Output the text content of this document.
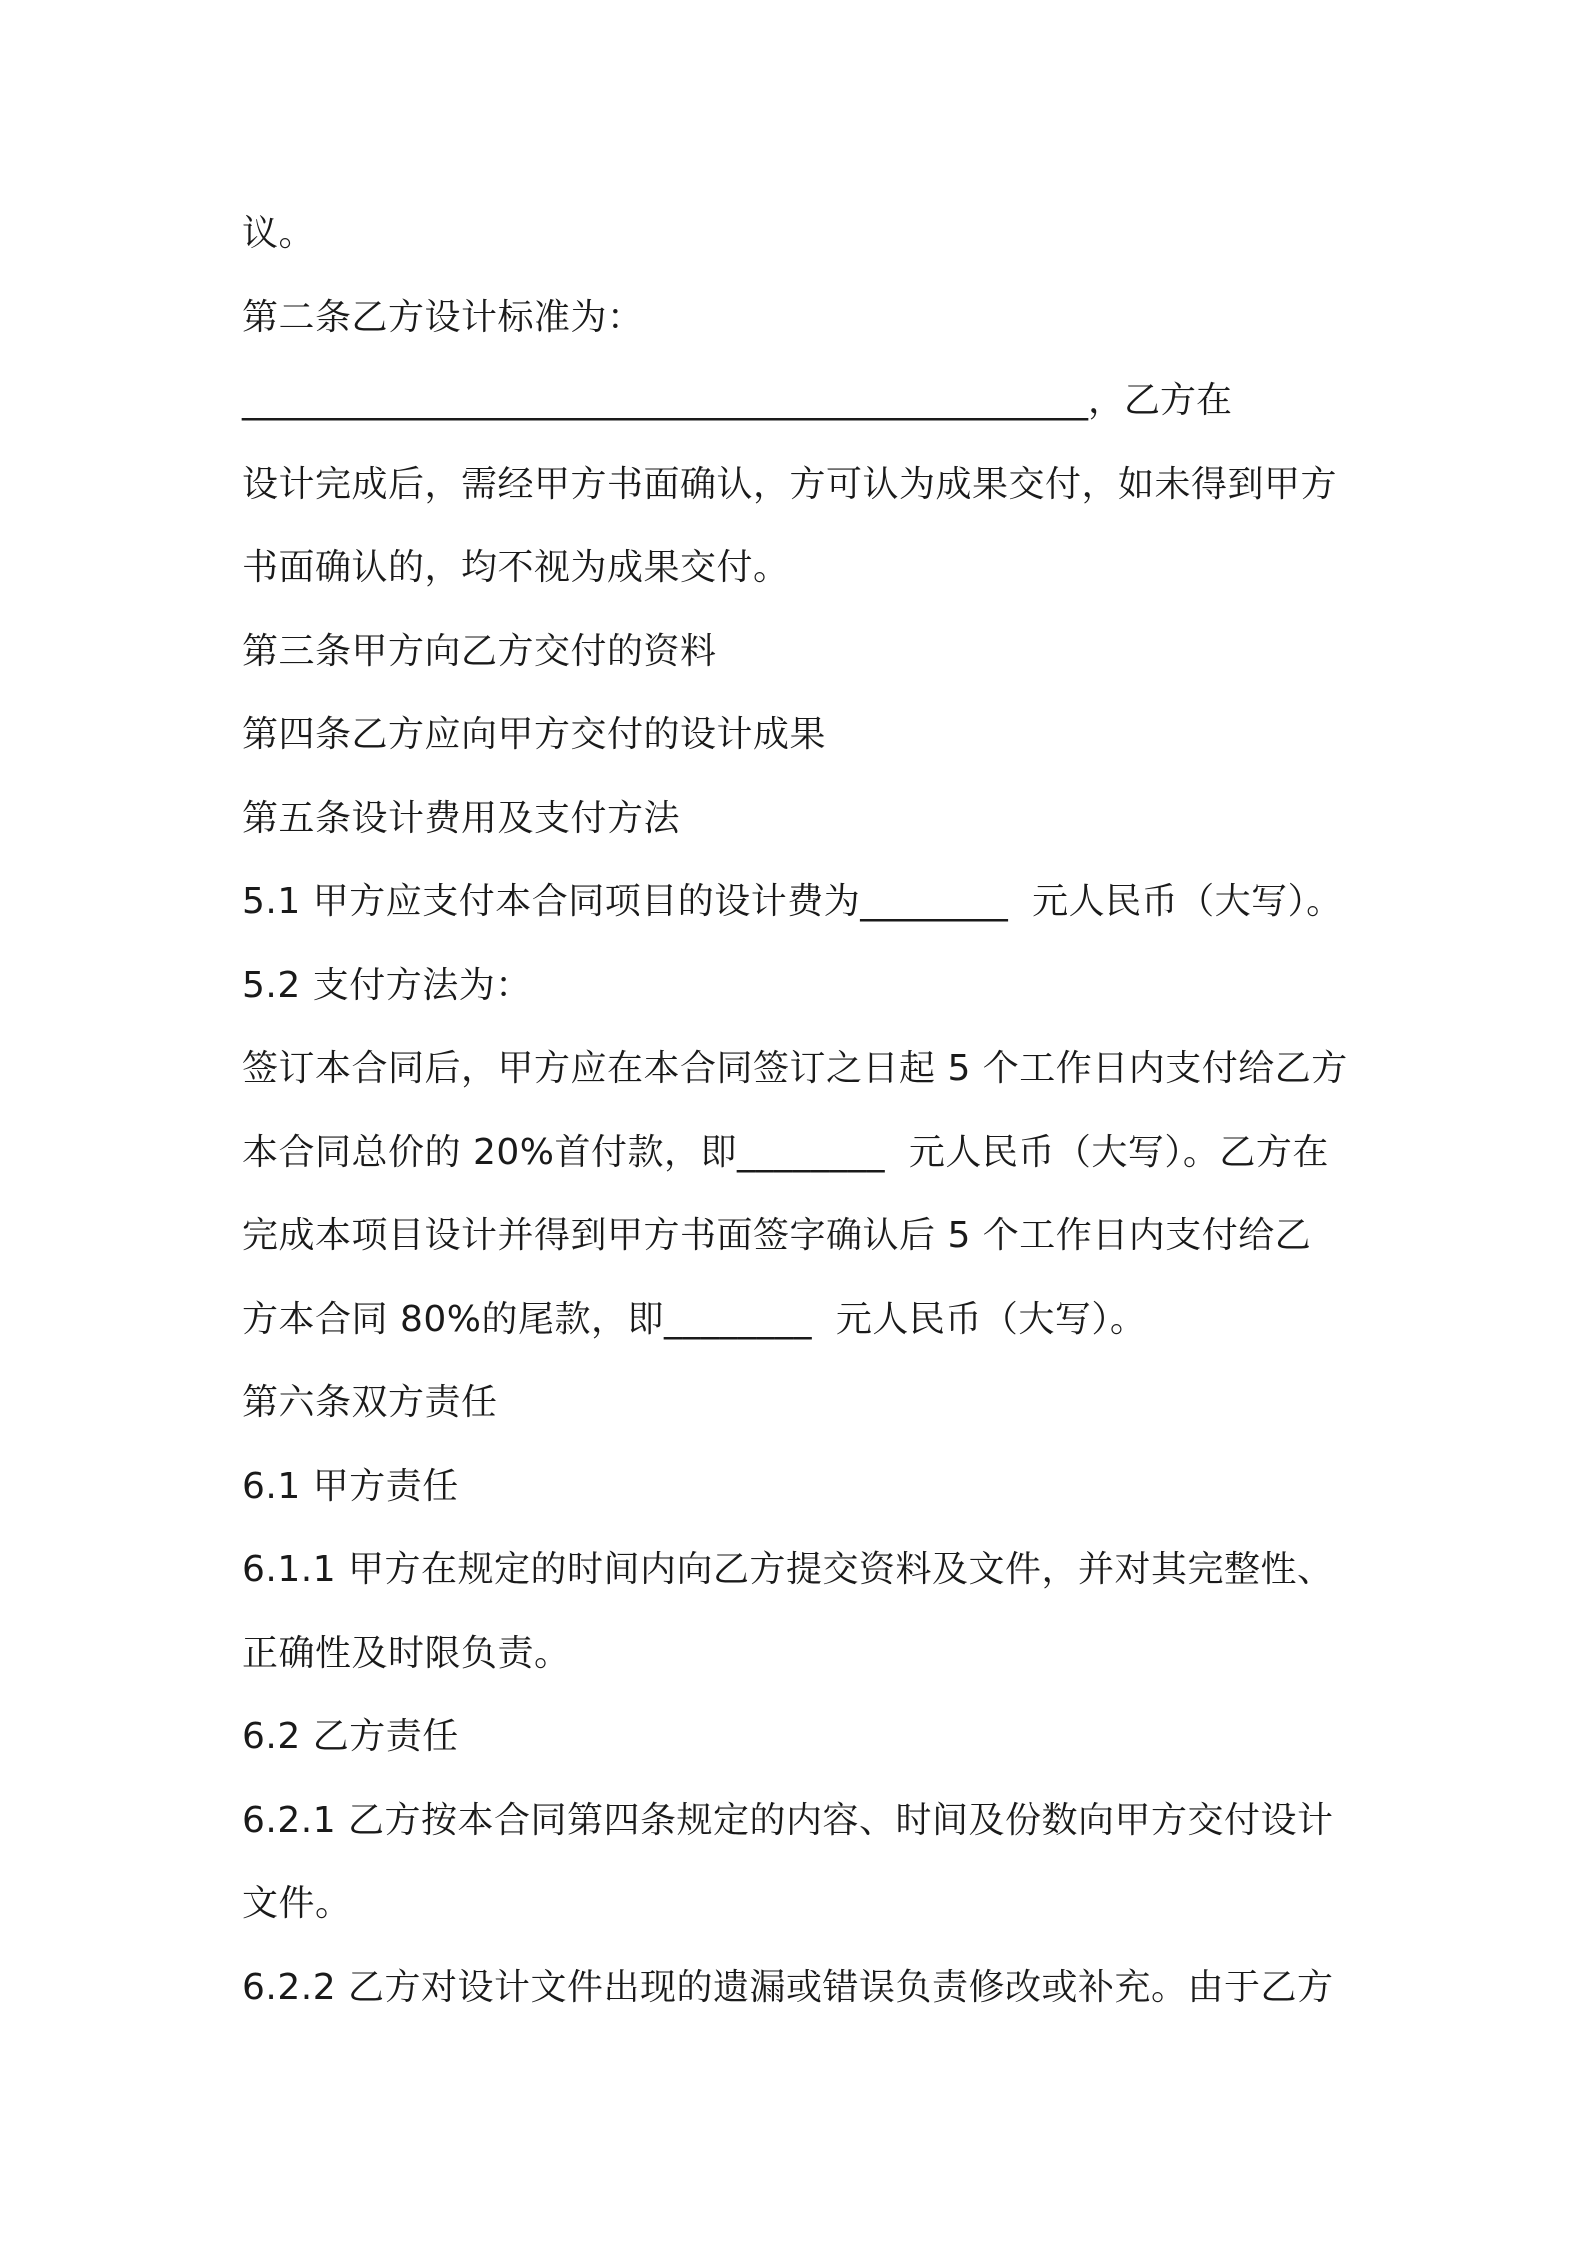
议。
第二条乙方设计标准为：
_______________________________________________，乙方在
设计完成后，需经甲方书面确认，方可认为成果交付，如未得到甲方
书面确认的，均不视为成果交付。
第三条甲方向乙方交付的资料
第四条乙方应向甲方交付的设计成果
第五条设计费用及支付方法
5.1 甲方应支付本合同项目的设计费为________  元人民币（大写）。
5.2 支付方法为：
签订本合同后，甲方应在本合同签订之日起 5 个工作日内支付给乙方
本合同总价的 20%首付款，即________  元人民币（大写）。乙方在
完成本项目设计并得到甲方书面签字确认后 5 个工作日内支付给乙
方本合同 80%的尾款，即________  元人民币（大写）。
第六条双方责任
6.1 甲方责任
6.1.1 甲方在规定的时间内向乙方提交资料及文件，并对其完整性、
正确性及时限负责。
6.2 乙方责任
6.2.1 乙方按本合同第四条规定的内容、时间及份数向甲方交付设计
文件。
6.2.2 乙方对设计文件出现的遗漏或错误负责修改或补充。由于乙方
